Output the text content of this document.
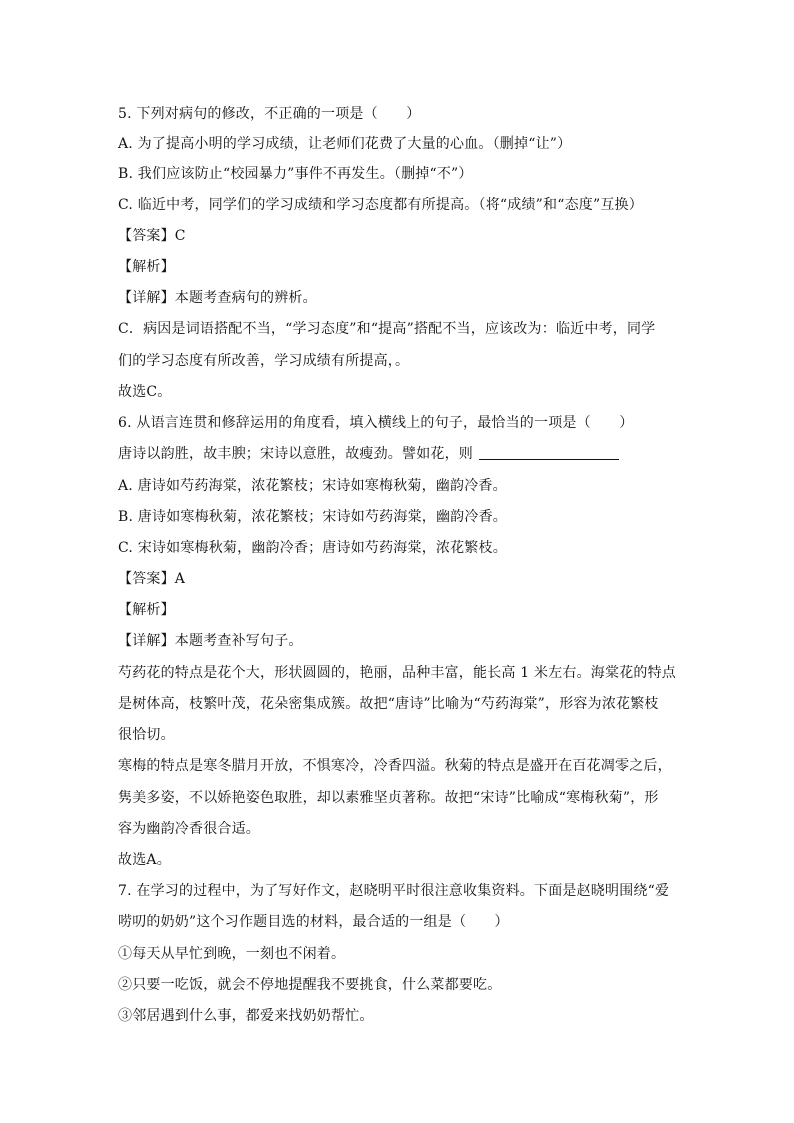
5. 下列对病句的修改，不正确的一项是（　　）
A. 为了提高小明的学习成绩，让老师们花费了大量的心血。（删掉“让”）
B. 我们应该防止“校园暴力”事件不再发生。（删掉“不”）
C. 临近中考，同学们的学习成绩和学习态度都有所提高。（将“成绩”和“态度”互换）
【答案】C
【解析】
【详解】本题考查病句的辨析。
C．病因是词语搭配不当，“学习态度”和“提高”搭配不当，应该改为：临近中考，同学
们的学习态度有所改善，学习成绩有所提高，。
故选C。
6. 从语言连贯和修辞运用的角度看，填入横线上的句子，最恰当的一项是（　　）
唐诗以韵胜，故丰腴；宋诗以意胜，故瘦劲。譬如花，则
A. 唐诗如芍药海棠，浓花繁枝；宋诗如寒梅秋菊，幽韵冷香。
B. 唐诗如寒梅秋菊，浓花繁枝；宋诗如芍药海棠，幽韵冷香。
C. 宋诗如寒梅秋菊，幽韵冷香；唐诗如芍药海棠，浓花繁枝。
【答案】A
【解析】
【详解】本题考查补写句子。
芍药花的特点是花个大，形状圆圆的，艳丽，品种丰富，能长高 1 米左右。海棠花的特点
是树体高，枝繁叶茂，花朵密集成簇。故把“唐诗”比喻为“芍药海棠”，形容为浓花繁枝
很恰切。
寒梅的特点是寒冬腊月开放，不惧寒冷，冷香四溢。秋菊的特点是盛开在百花凋零之后，
隽美多姿，不以娇艳姿色取胜，却以素雅坚贞著称。故把“宋诗”比喻成“寒梅秋菊”，形
容为幽韵冷香很合适。
故选A。
7. 在学习的过程中，为了写好作文，赵晓明平时很注意收集资料。下面是赵晓明围绕“爱
唠叨的奶奶”这个习作题目选的材料，最合适的一组是（　　）
①每天从早忙到晚，一刻也不闲着。
②只要一吃饭，就会不停地提醒我不要挑食，什么菜都要吃。
③邻居遇到什么事，都爱来找奶奶帮忙。
